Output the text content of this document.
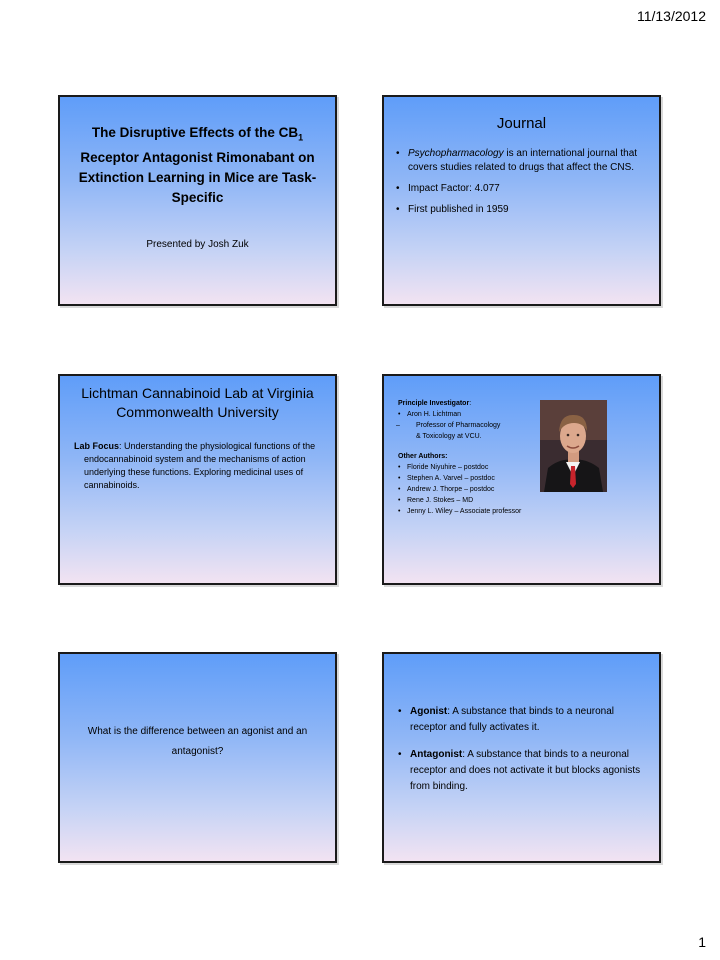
11/13/2012
The Disruptive Effects of the $CB_1$ Receptor Antagonist Rimonabant on Extinction Learning in Mice are Task-Specific
Presented by Josh Zuk
Journal
• Psychopharmacology is an international journal that covers studies related to drugs that affect the CNS.
• Impact Factor: 4.077
• First published in 1959
Lichtman Cannabinoid Lab at Virginia Commonwealth University
Lab Focus: Understanding the physiological functions of the endocannabinoid system and the mechanisms of action underlying these functions. Exploring medicinal uses of cannabinoids.
Principle Investigator:
• Aron H. Lichtman
– Professor of Pharmacology
& Toxicology at VCU.
Other Authors:
• Floride Niyuhire – postdoc
• Stephen A. Varvel – postdoc
• Andrew J. Thorpe – postdoc
• Rene J. Stokes – MD
• Jenny L. Wiley – Associate professor
What is the difference between an agonist and an antagonist?
• Agonist: A substance that binds to a neuronal receptor and fully activates it.
• Antagonist: A substance that binds to a neuronal receptor and does not activate it but blocks agonists from binding.
1
